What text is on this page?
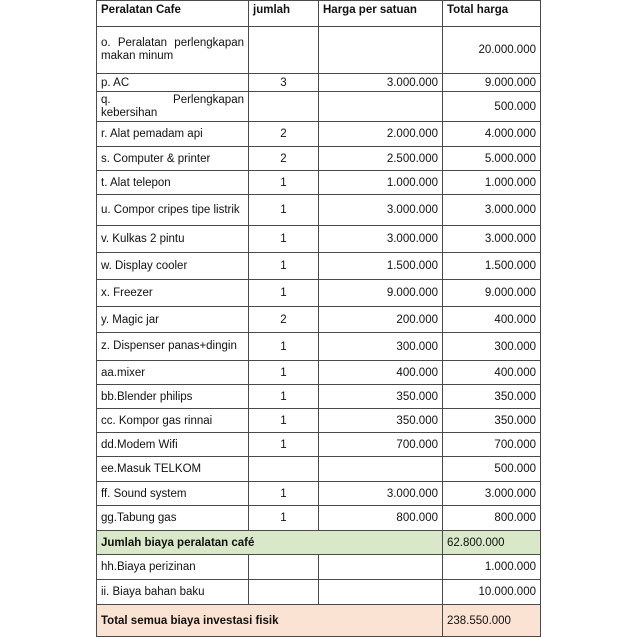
Peralatan Cafe	jumlah	Harga per satuan	Total harga
o. Peralatan perlengkapan makan minum			20.000.000
p. AC	3	3.000.000	9.000.000
q. Perlengkapan kebersihan			500.000
r. Alat pemadam api	2	2.000.000	4.000.000
s. Computer & printer	2	2.500.000	5.000.000
t. Alat telepon	1	1.000.000	1.000.000
u. Compor cripes tipe listrik	1	3.000.000	3.000.000
v. Kulkas 2 pintu	1	3.000.000	3.000.000
w. Display cooler	1	1.500.000	1.500.000
x. Freezer	1	9.000.000	9.000.000
y. Magic jar	2	200.000	400.000
z. Dispenser panas+dingin	1	300.000	300.000
aa.mixer	1	400.000	400.000
bb.Blender philips	1	350.000	350.000
cc. Kompor gas rinnai	1	350.000	350.000
dd.Modem Wifi	1	700.000	700.000
ee.Masuk TELKOM			500.000
ff. Sound system	1	3.000.000	3.000.000
gg.Tabung gas	1	800.000	800.000
Jumlah biaya peralatan café			62.800.000
hh.Biaya perizinan			1.000.000
ii. Biaya bahan baku			10.000.000
Total semua biaya investasi fisik			238.550.000
